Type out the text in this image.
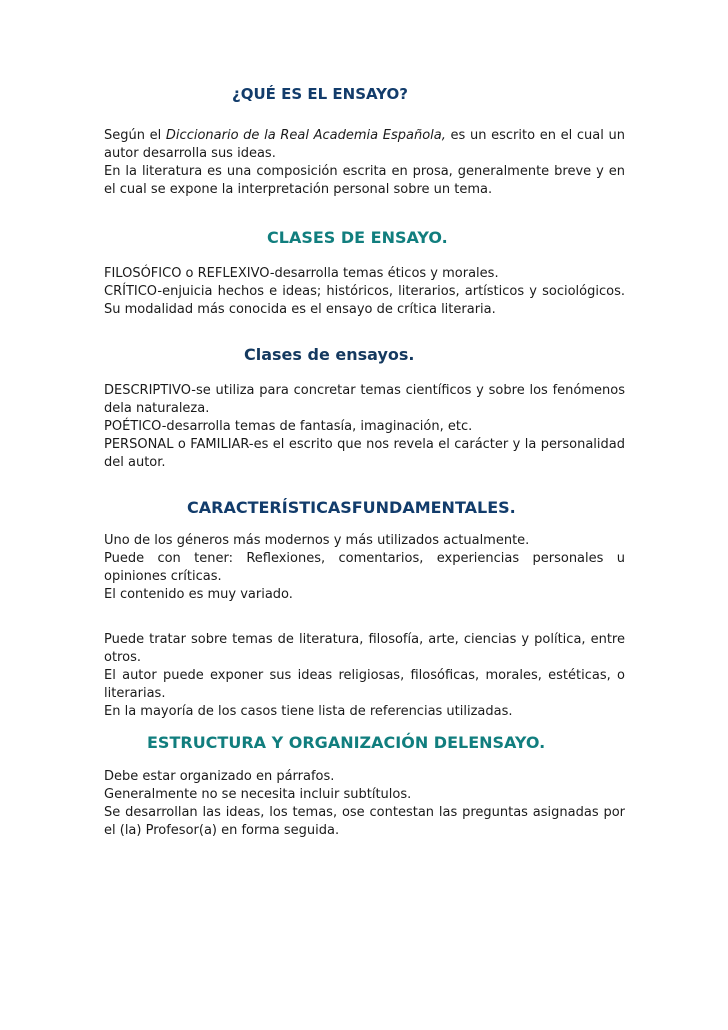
¿QUÉ ES EL ENSAYO?

Según el Diccionario de la Real Academia Española, es un escrito en el cual un autor desarrolla sus ideas.

En la literatura es una composición escrita en prosa, generalmente breve y en el cual se expone la interpretación personal sobre un tema.

CLASES DE ENSAYO.

FILOSÓFICO o REFLEXIVO-desarrolla temas éticos y morales.

CRÍTICO-enjuicia hechos e ideas; históricos, literarios, artísticos y sociológicos. Su modalidad más conocida es el ensayo de crítica literaria.

Clases de ensayos.

DESCRIPTIVO-se utiliza para concretar temas científicos y sobre los fenómenos dela naturaleza.

POÉTICO-desarrolla temas de fantasía, imaginación, etc.

PERSONAL o FAMILIAR-es el escrito que nos revela el carácter y la personalidad del autor.

CARACTERÍSTICASFUNDAMENTALES.

Uno de los géneros más modernos y más utilizados actualmente.

Puede con tener: Reflexiones, comentarios, experiencias personales u opiniones críticas.

El contenido es muy variado.

Puede tratar sobre temas de literatura, filosofía, arte, ciencias y política, entre otros.

El autor puede exponer sus ideas religiosas, filosóficas, morales, estéticas, o literarias.

En la mayoría de los casos tiene lista de referencias utilizadas.

ESTRUCTURA Y ORGANIZACIÓN DELENSAYO.

Debe estar organizado en párrafos.

Generalmente no se necesita incluir subtítulos.

Se desarrollan las ideas, los temas, ose contestan las preguntas asignadas por el (la) Profesor(a) en forma seguida.
